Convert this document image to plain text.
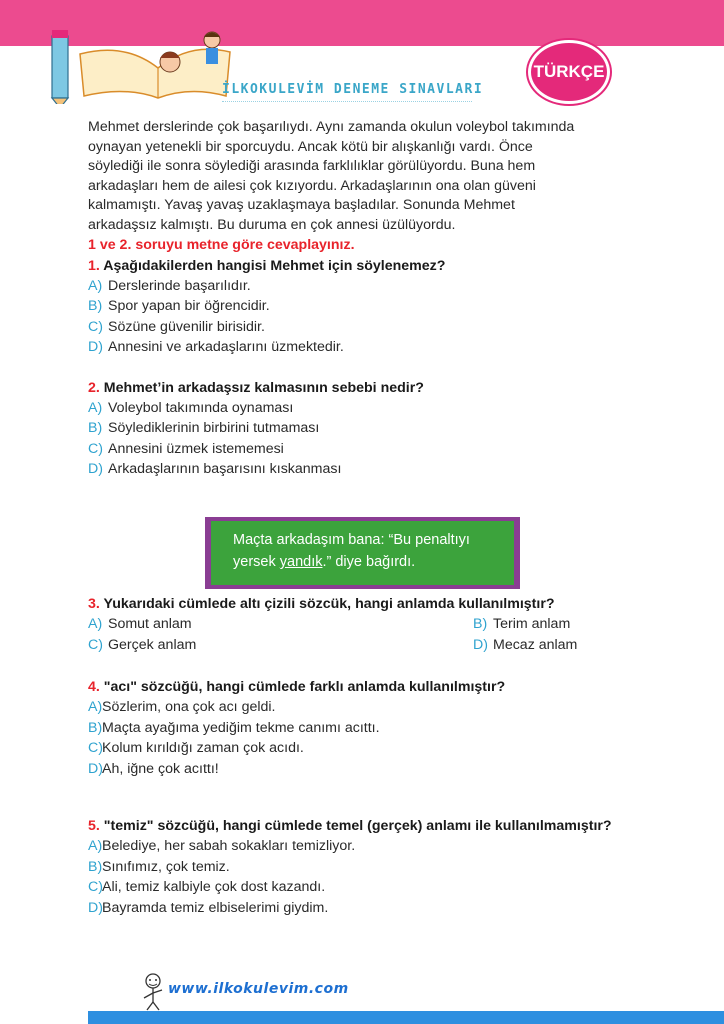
İLKOKULEVİM DENEME SINAVLARI
TÜRKÇE
Mehmet derslerinde çok başarılıydı. Aynı zamanda okulun voleybol takımında
oynayan yetenekli bir sporcuydu. Ancak kötü bir alışkanlığı vardı. Önce
söylediği ile sonra söylediği arasında farklılıklar görülüyordu. Buna hem
arkadaşları hem de ailesi çok kızıyordu. Arkadaşlarının ona olan güveni
kalmamıştı. Yavaş yavaş uzaklaşmaya başladılar. Sonunda Mehmet
arkadaşsız kalmıştı. Bu duruma en çok annesi üzülüyordu.
1 ve 2. soruyu metne göre cevaplayınız.
1. Aşağıdakilerden hangisi Mehmet için söylenemez?
A) Derslerinde başarılıdır.
B) Spor yapan bir öğrencidir.
C) Sözüne güvenilir birisidir.
D) Annesini ve arkadaşlarını üzmektedir.
2. Mehmet’in arkadaşsız kalmasının sebebi nedir?
A) Voleybol takımında oynaması
B) Söylediklerinin birbirini tutmaması
C) Annesini üzmek istememesi
D) Arkadaşlarının başarısını kıskanması
3. Yukarıdaki cümlede altı çizili sözcük, hangi anlamda kullanılmıştır?
A) Somut anlam	B) Terim anlam
C) Gerçek anlam	D) Mecaz anlam
4. "acı" sözcüğü, hangi cümlede farklı anlamda kullanılmıştır?
A)Sözlerim, ona çok acı geldi.
B)Maçta ayağıma yediğim tekme canımı acıttı.
C)Kolum kırıldığı zaman çok acıdı.
D)Ah, iğne çok acıttı!
5. "temiz" sözcüğü, hangi cümlede temel (gerçek) anlamı ile kullanılmamıştır?
A)Belediye, her sabah sokakları temizliyor.
B)Sınıfımız, çok temiz.
C)Ali, temiz kalbiyle çok dost kazandı.
D)Bayramda temiz elbiselerimi giydim.
Maçta arkadaşım bana: “Bu penaltıyı
yersek yandık.” diye bağırdı.
www.ilkokulevim.com
